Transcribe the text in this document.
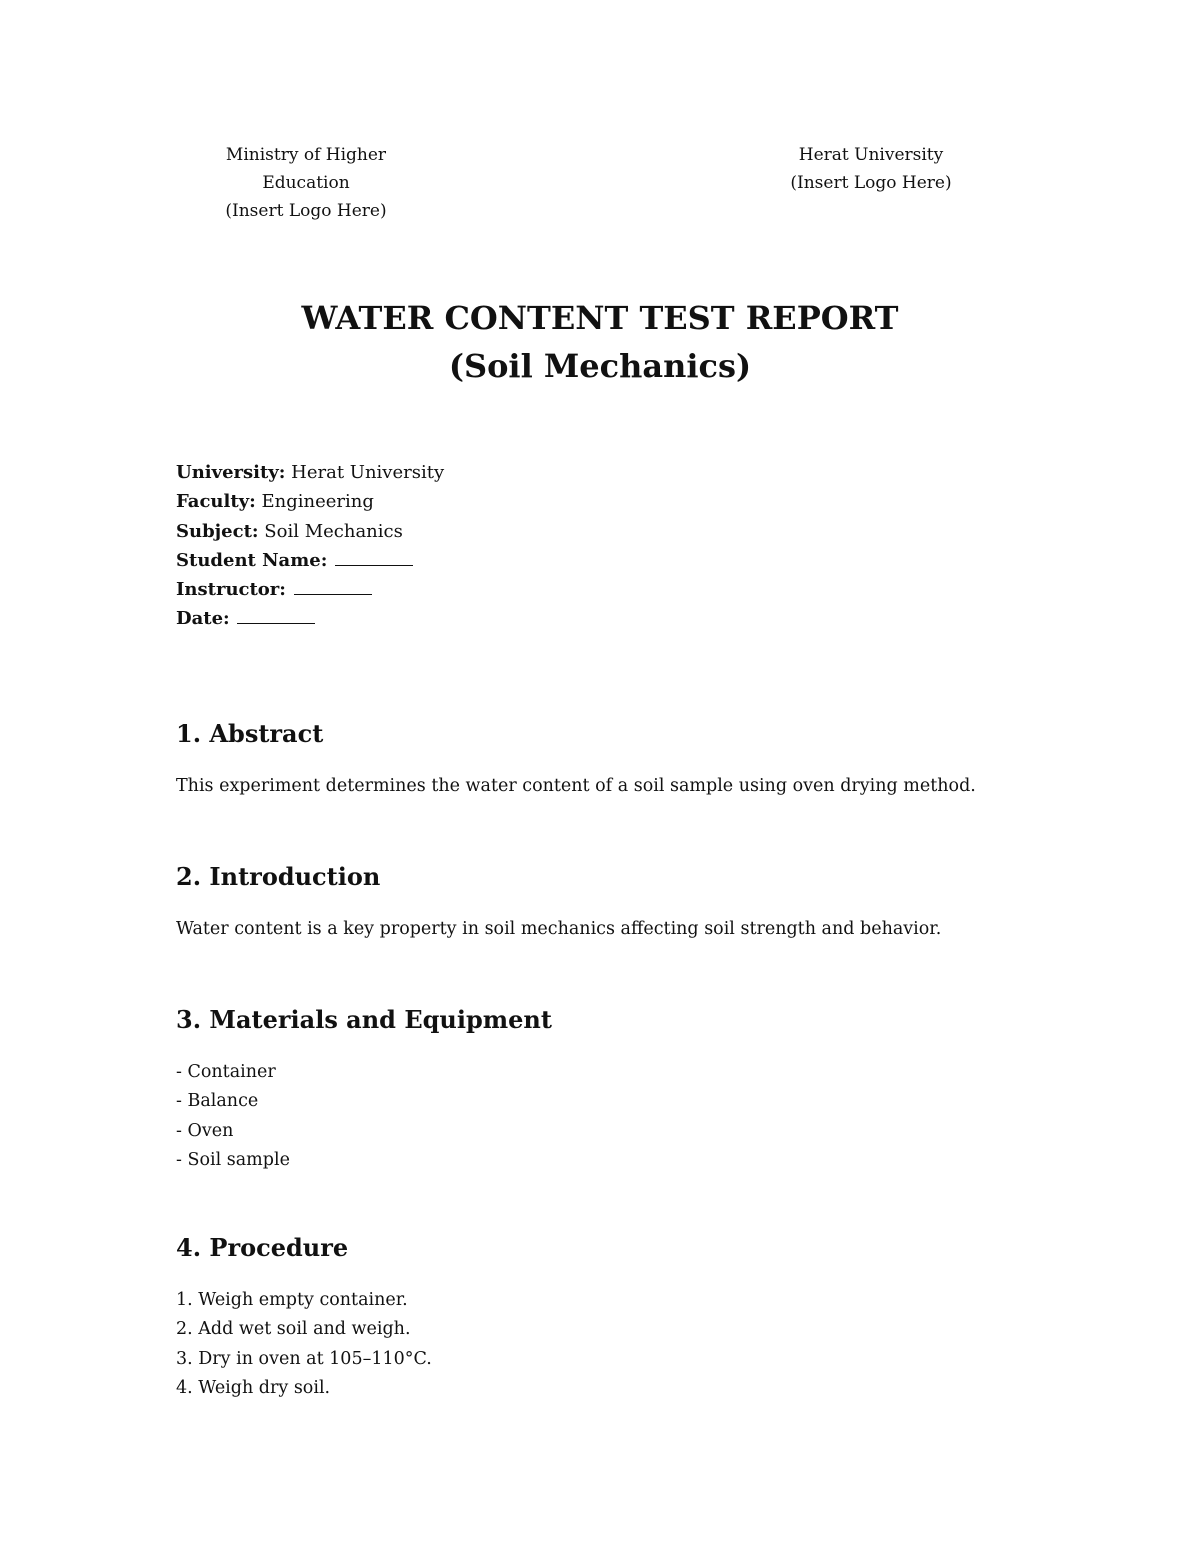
Ministry of Higher
Education
(Insert Logo Here)
Herat University
(Insert Logo Here)
WATER CONTENT TEST REPORT
(Soil Mechanics)
University: Herat University
Faculty: Engineering
Subject: Soil Mechanics
Student Name:
Instructor:
Date:
1. Abstract

This experiment determines the water content of a soil sample using oven drying method.

2. Introduction

Water content is a key property in soil mechanics affecting soil strength and behavior.

3. Materials and Equipment
- Container
- Balance
- Oven
- Soil sample
4. Procedure
1. Weigh empty container.
2. Add wet soil and weigh.
3. Dry in oven at 105–110°C.
4. Weigh dry soil.
